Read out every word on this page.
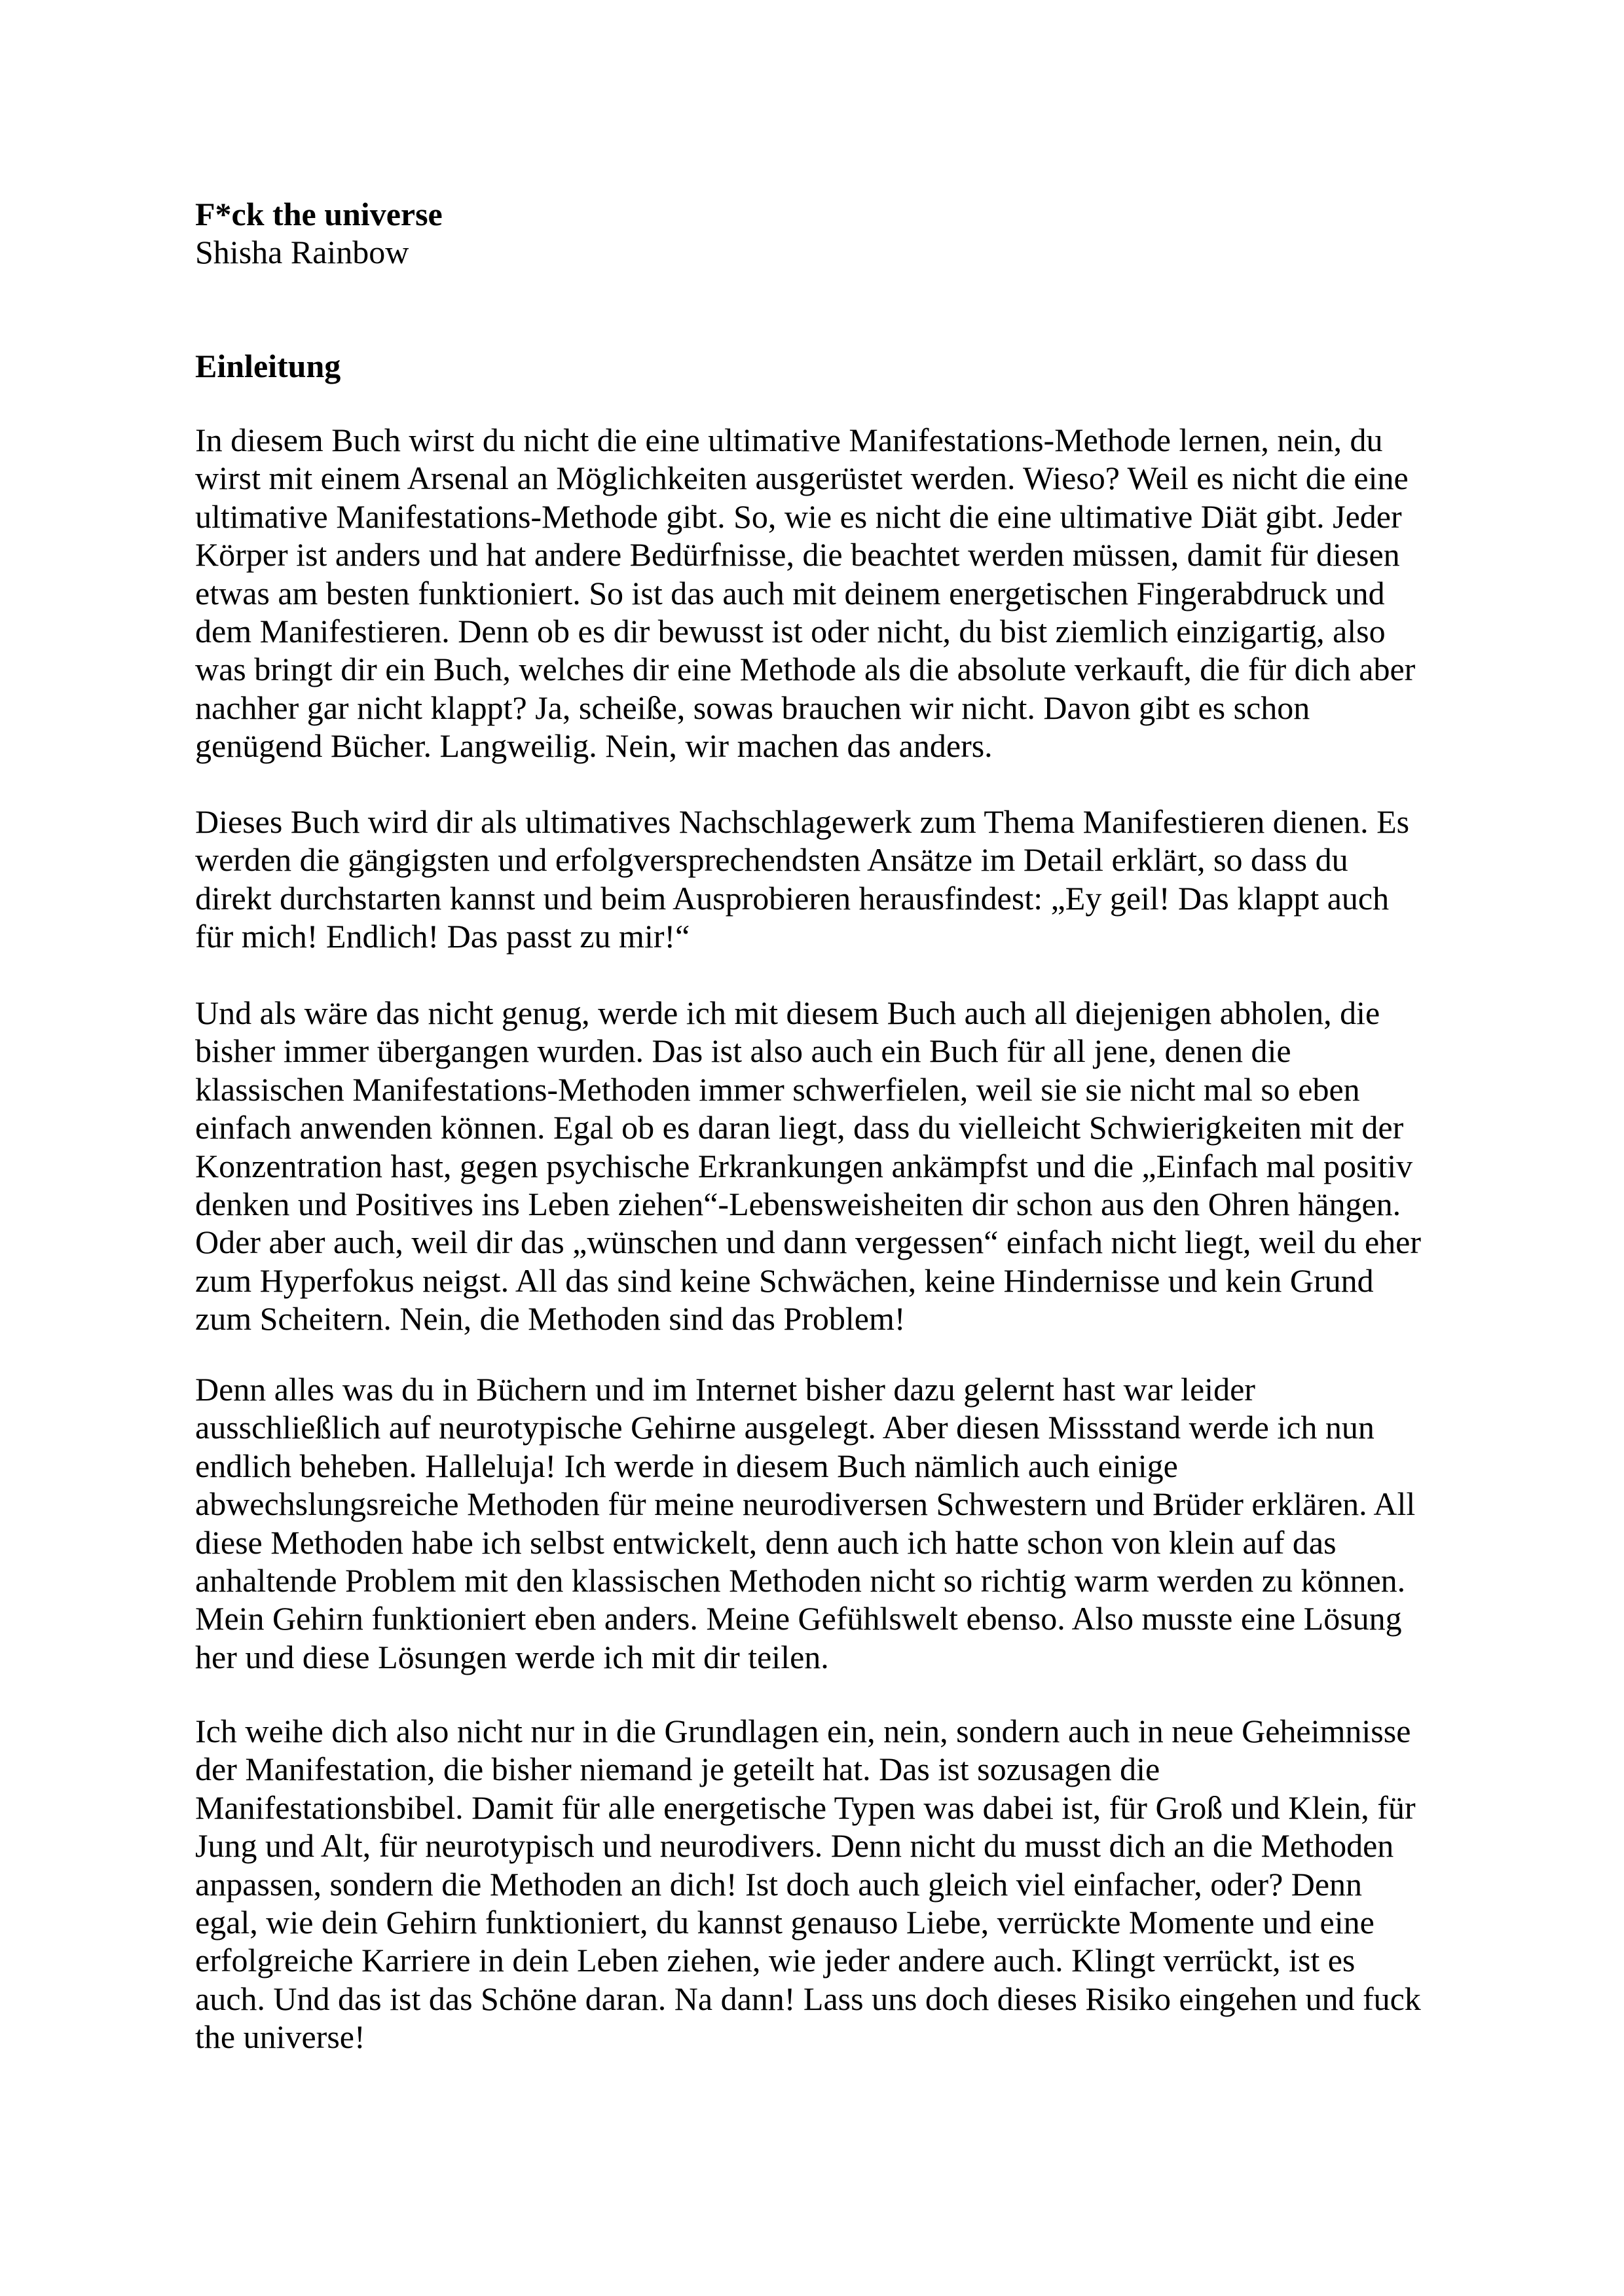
F*ck the universe
Shisha Rainbow
Einleitung
In diesem Buch wirst du nicht die eine ultimative Manifestations-Methode lernen, nein, du
wirst mit einem Arsenal an Möglichkeiten ausgerüstet werden. Wieso? Weil es nicht die eine
ultimative Manifestations-Methode gibt. So, wie es nicht die eine ultimative Diät gibt. Jeder
Körper ist anders und hat andere Bedürfnisse, die beachtet werden müssen, damit für diesen
etwas am besten funktioniert. So ist das auch mit deinem energetischen Fingerabdruck und
dem Manifestieren. Denn ob es dir bewusst ist oder nicht, du bist ziemlich einzigartig, also
was bringt dir ein Buch, welches dir eine Methode als die absolute verkauft, die für dich aber
nachher gar nicht klappt? Ja, scheiße, sowas brauchen wir nicht. Davon gibt es schon
genügend Bücher. Langweilig. Nein, wir machen das anders.
Dieses Buch wird dir als ultimatives Nachschlagewerk zum Thema Manifestieren dienen. Es
werden die gängigsten und erfolgversprechendsten Ansätze im Detail erklärt, so dass du
direkt durchstarten kannst und beim Ausprobieren herausfindest: „Ey geil! Das klappt auch
für mich! Endlich! Das passt zu mir!“
Und als wäre das nicht genug, werde ich mit diesem Buch auch all diejenigen abholen, die
bisher immer übergangen wurden. Das ist also auch ein Buch für all jene, denen die
klassischen Manifestations-Methoden immer schwerfielen, weil sie sie nicht mal so eben
einfach anwenden können. Egal ob es daran liegt, dass du vielleicht Schwierigkeiten mit der
Konzentration hast, gegen psychische Erkrankungen ankämpfst und die „Einfach mal positiv
denken und Positives ins Leben ziehen“-Lebensweisheiten dir schon aus den Ohren hängen.
Oder aber auch, weil dir das „wünschen und dann vergessen“ einfach nicht liegt, weil du eher
zum Hyperfokus neigst. All das sind keine Schwächen, keine Hindernisse und kein Grund
zum Scheitern. Nein, die Methoden sind das Problem!
Denn alles was du in Büchern und im Internet bisher dazu gelernt hast war leider
ausschließlich auf neurotypische Gehirne ausgelegt. Aber diesen Missstand werde ich nun
endlich beheben. Halleluja! Ich werde in diesem Buch nämlich auch einige
abwechslungsreiche Methoden für meine neurodiversen Schwestern und Brüder erklären. All
diese Methoden habe ich selbst entwickelt, denn auch ich hatte schon von klein auf das
anhaltende Problem mit den klassischen Methoden nicht so richtig warm werden zu können.
Mein Gehirn funktioniert eben anders. Meine Gefühlswelt ebenso. Also musste eine Lösung
her und diese Lösungen werde ich mit dir teilen.
Ich weihe dich also nicht nur in die Grundlagen ein, nein, sondern auch in neue Geheimnisse
der Manifestation, die bisher niemand je geteilt hat. Das ist sozusagen die
Manifestationsbibel. Damit für alle energetische Typen was dabei ist, für Groß und Klein, für
Jung und Alt, für neurotypisch und neurodivers. Denn nicht du musst dich an die Methoden
anpassen, sondern die Methoden an dich! Ist doch auch gleich viel einfacher, oder? Denn
egal, wie dein Gehirn funktioniert, du kannst genauso Liebe, verrückte Momente und eine
erfolgreiche Karriere in dein Leben ziehen, wie jeder andere auch. Klingt verrückt, ist es
auch. Und das ist das Schöne daran. Na dann! Lass uns doch dieses Risiko eingehen und fuck
the universe!
